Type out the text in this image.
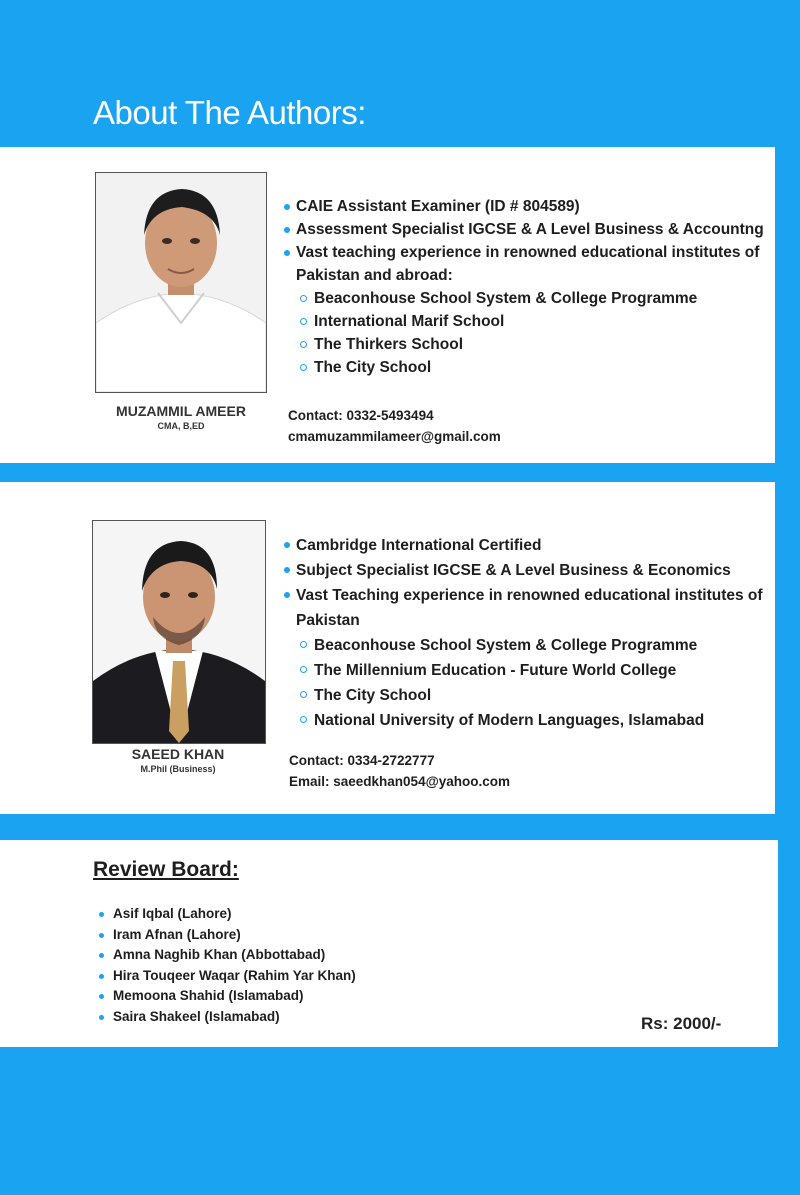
About The Authors:
MUZAMMIL AMEER
CMA, B,ED
CAIE Assistant Examiner (ID # 804589)
Assessment Specialist IGCSE & A Level Business & Accountng
Vast teaching experience in renowned educational institutes of Pakistan and abroad:
Beaconhouse School System & College Programme
International Marif School
The Thirkers School
The City School
Contact: 0332-5493494
cmamuzammilameer@gmail.com
SAEED KHAN
M.Phil (Business)
Cambridge International Certified
Subject Specialist IGCSE & A Level Business & Economics
Vast Teaching experience in renowned educational institutes of Pakistan
Beaconhouse School System & College Programme
The Millennium Education - Future World College
The City School
National University of Modern Languages, Islamabad
Contact: 0334-2722777
Email: saeedkhan054@yahoo.com
Review Board:
Asif Iqbal (Lahore)
Iram Afnan (Lahore)
Amna Naghib Khan (Abbottabad)
Hira Touqeer Waqar (Rahim Yar Khan)
Memoona Shahid (Islamabad)
Saira Shakeel (Islamabad)	Rs: 2000/-
